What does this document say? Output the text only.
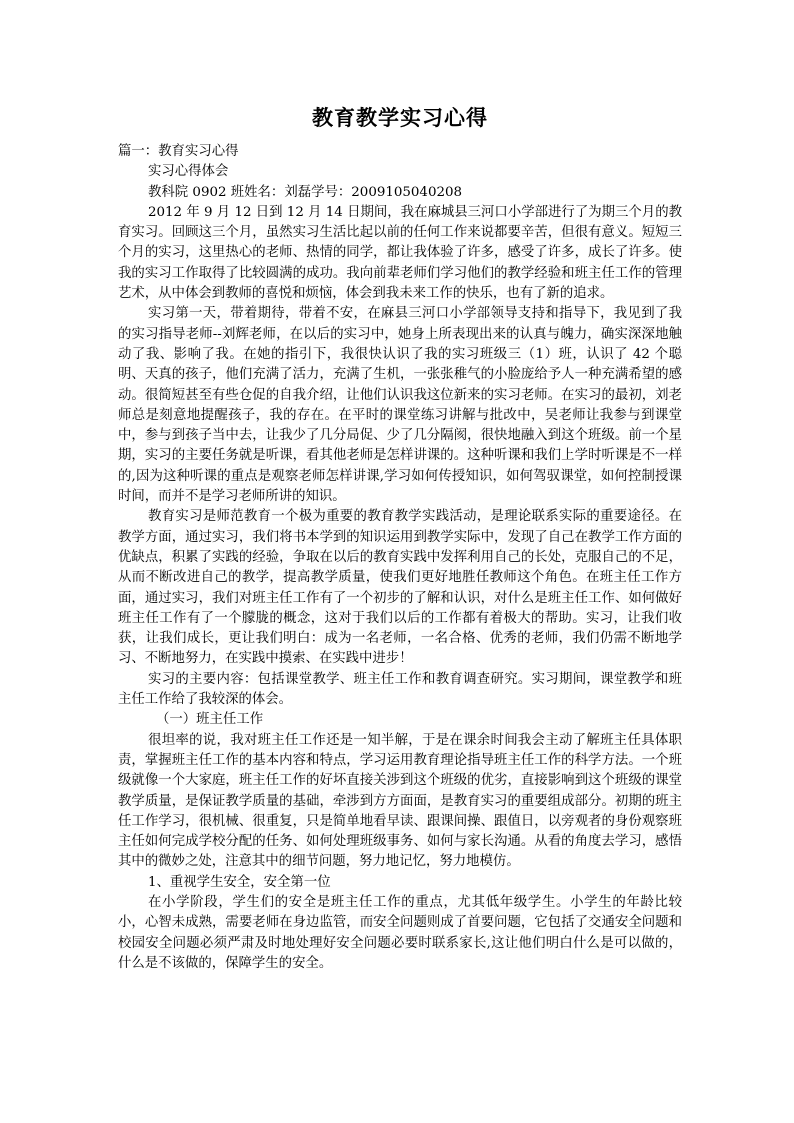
教育教学实习心得

篇一：教育实习心得

实习心得体会

教科院 0902 班姓名：刘磊学号：2009105040208

2012 年 9 月 12 日到 12 月 14 日期间，我在麻城县三河口小学部进行了为期三个月的教育实习。回顾这三个月，虽然实习生活比起以前的任何工作来说都要辛苦，但很有意义。短短三个月的实习，这里热心的老师、热情的同学，都让我体验了许多，感受了许多，成长了许多。使我的实习工作取得了比较圆满的成功。我向前辈老师们学习他们的教学经验和班主任工作的管理艺术，从中体会到教师的喜悦和烦恼，体会到我未来工作的快乐，也有了新的追求。

实习第一天，带着期待，带着不安，在麻县三河口小学部领导支持和指导下，我见到了我的实习指导老师--刘辉老师，在以后的实习中，她身上所表现出来的认真与魄力，确实深深地触动了我、影响了我。在她的指引下，我很快认识了我的实习班级三（1）班，认识了 42 个聪明、天真的孩子，他们充满了活力，充满了生机，一张张稚气的小脸庞给予人一种充满希望的感动。很简短甚至有些仓促的自我介绍，让他们认识我这位新来的实习老师。在实习的最初，刘老师总是刻意地提醒孩子，我的存在。在平时的课堂练习讲解与批改中，吴老师让我参与到课堂中，参与到孩子当中去，让我少了几分局促、少了几分隔阂，很快地融入到这个班级。前一个星期，实习的主要任务就是听课，看其他老师是怎样讲课的。这种听课和我们上学时听课是不一样的,因为这种听课的重点是观察老师怎样讲课,学习如何传授知识，如何驾驭课堂，如何控制授课时间，而并不是学习老师所讲的知识。

教育实习是师范教育一个极为重要的教育教学实践活动，是理论联系实际的重要途径。在教学方面，通过实习，我们将书本学到的知识运用到教学实际中，发现了自己在教学工作方面的优缺点，积累了实践的经验，争取在以后的教育实践中发挥利用自己的长处，克服自己的不足，从而不断改进自己的教学，提高教学质量，使我们更好地胜任教师这个角色。在班主任工作方面，通过实习，我们对班主任工作有了一个初步的了解和认识，对什么是班主任工作、如何做好班主任工作有了一个朦胧的概念，这对于我们以后的工作都有着极大的帮助。实习，让我们收获，让我们成长，更让我们明白：成为一名老师，一名合格、优秀的老师，我们仍需不断地学习、不断地努力，在实践中摸索、在实践中进步！

实习的主要内容：包括课堂教学、班主任工作和教育调查研究。实习期间，课堂教学和班主任工作给了我较深的体会。

（一）班主任工作

很坦率的说，我对班主任工作还是一知半解，于是在课余时间我会主动了解班主任具体职责，掌握班主任工作的基本内容和特点，学习运用教育理论指导班主任工作的科学方法。一个班级就像一个大家庭，班主任工作的好坏直接关涉到这个班级的优劣，直接影响到这个班级的课堂教学质量，是保证教学质量的基础，牵涉到方方面面，是教育实习的重要组成部分。初期的班主任工作学习，很机械、很重复，只是简单地看早读、跟课间操、跟值日，以旁观者的身份观察班主任如何完成学校分配的任务、如何处理班级事务、如何与家长沟通。从看的角度去学习，感悟其中的微妙之处，注意其中的细节问题，努力地记忆，努力地模仿。

1、重视学生安全，安全第一位

在小学阶段，学生们的安全是班主任工作的重点，尤其低年级学生。小学生的年龄比较小，心智未成熟，需要老师在身边监管，而安全问题则成了首要问题，它包括了交通安全问题和校园安全问题必须严肃及时地处理好安全问题必要时联系家长,这让他们明白什么是可以做的，什么是不该做的，保障学生的安全。
